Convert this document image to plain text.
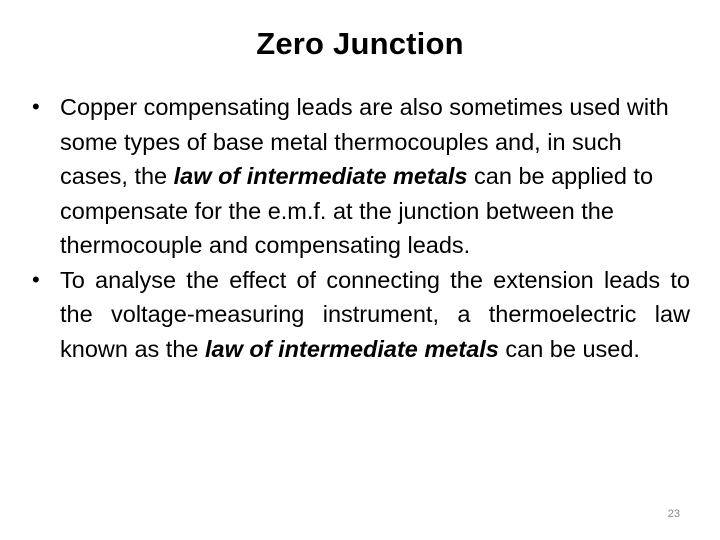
Zero Junction
• Copper compensating leads are also sometimes used with some types of base metal thermocouples and, in such cases, the law of intermediate metals can be applied to compensate for the e.m.f. at the junction between the thermocouple and compensating leads.
• To analyse the effect of connecting the extension leads to the voltage-measuring instrument, a thermoelectric law known as the law of intermediate metals can be used.
23
